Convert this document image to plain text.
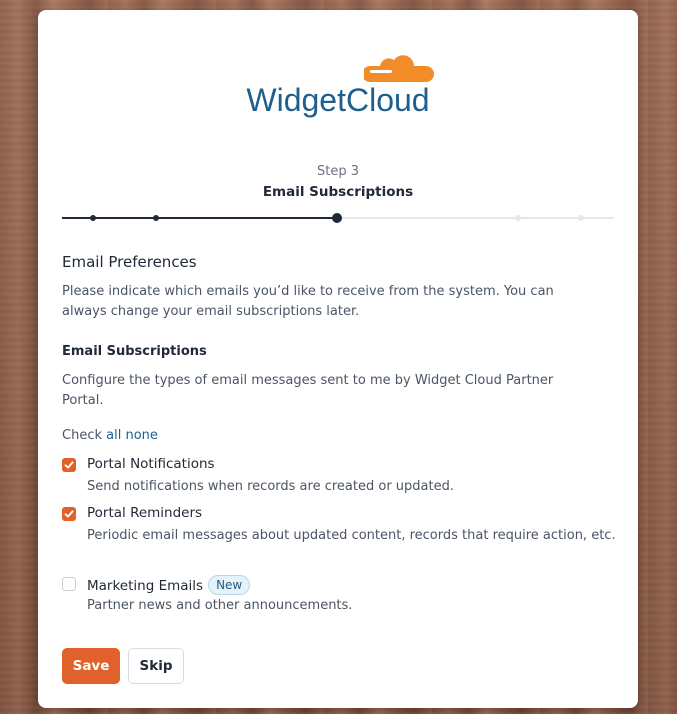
WidgetCloud
Step 3
Email Subscriptions
Email Preferences
Please indicate which emails you’d like to receive from the system. You can always change your email subscriptions later.
Email Subscriptions
Configure the types of email messages sent to me by Widget Cloud Partner Portal.
Check all none
Portal Notifications
Send notifications when records are created or updated.
Portal Reminders
Periodic email messages about updated content, records that require action, etc.
Marketing Emails New
Partner news and other announcements.
Save	Skip
